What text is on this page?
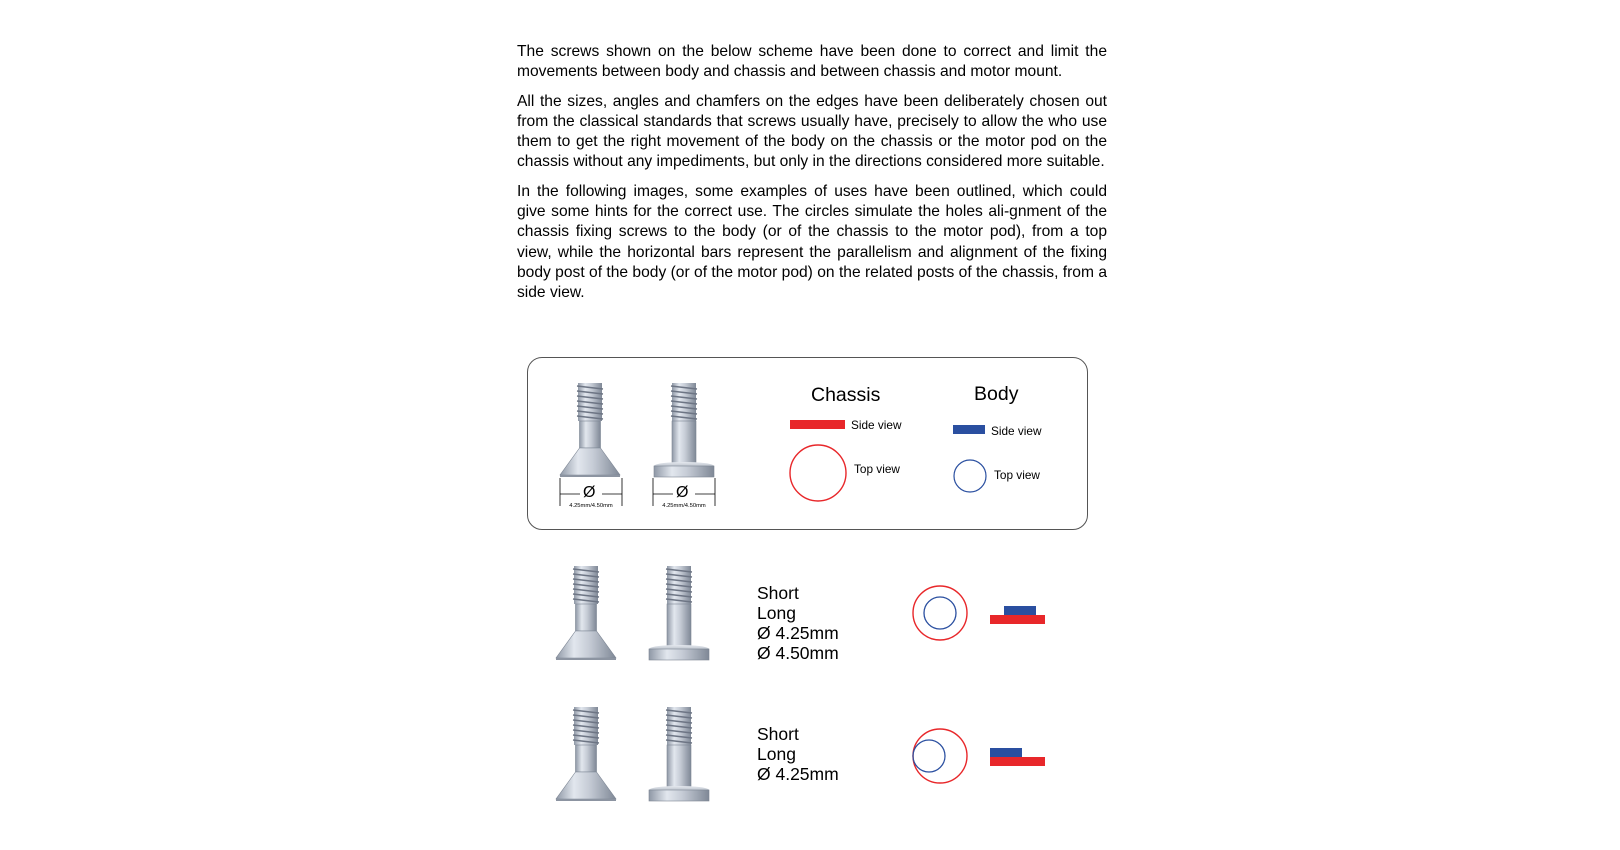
The screws shown on the below scheme have been done to correct and limit the movements between body and chassis and between chassis and motor mount.

All the sizes, angles and chamfers on the edges have been deliberately chosen out from the classical standards that screws usually have, precisely to allow the who use them to get the right movement of the body on the chassis or the motor pod on the chassis without any impediments, but only in the directions considered more suitable.

In the following images, some examples of uses have been outlined, which could give some hints for the correct use. The circles simulate the holes ali-gnment of the chassis fixing screws to the body (or of the chassis to the motor pod), from a top view, while the horizontal bars represent the parallelism and alignment of the fixing body post of the body (or of the motor pod) on the related posts of the chassis, from a side view.

Ø
4.25mm/4.50mm
Ø
4.25mm/4.50mm
Chassis
Side view
Top view
Body
Side view
Top view
Short
Long
Ø 4.25mm
Ø 4.50mm
Short
Long
Ø 4.25mm
